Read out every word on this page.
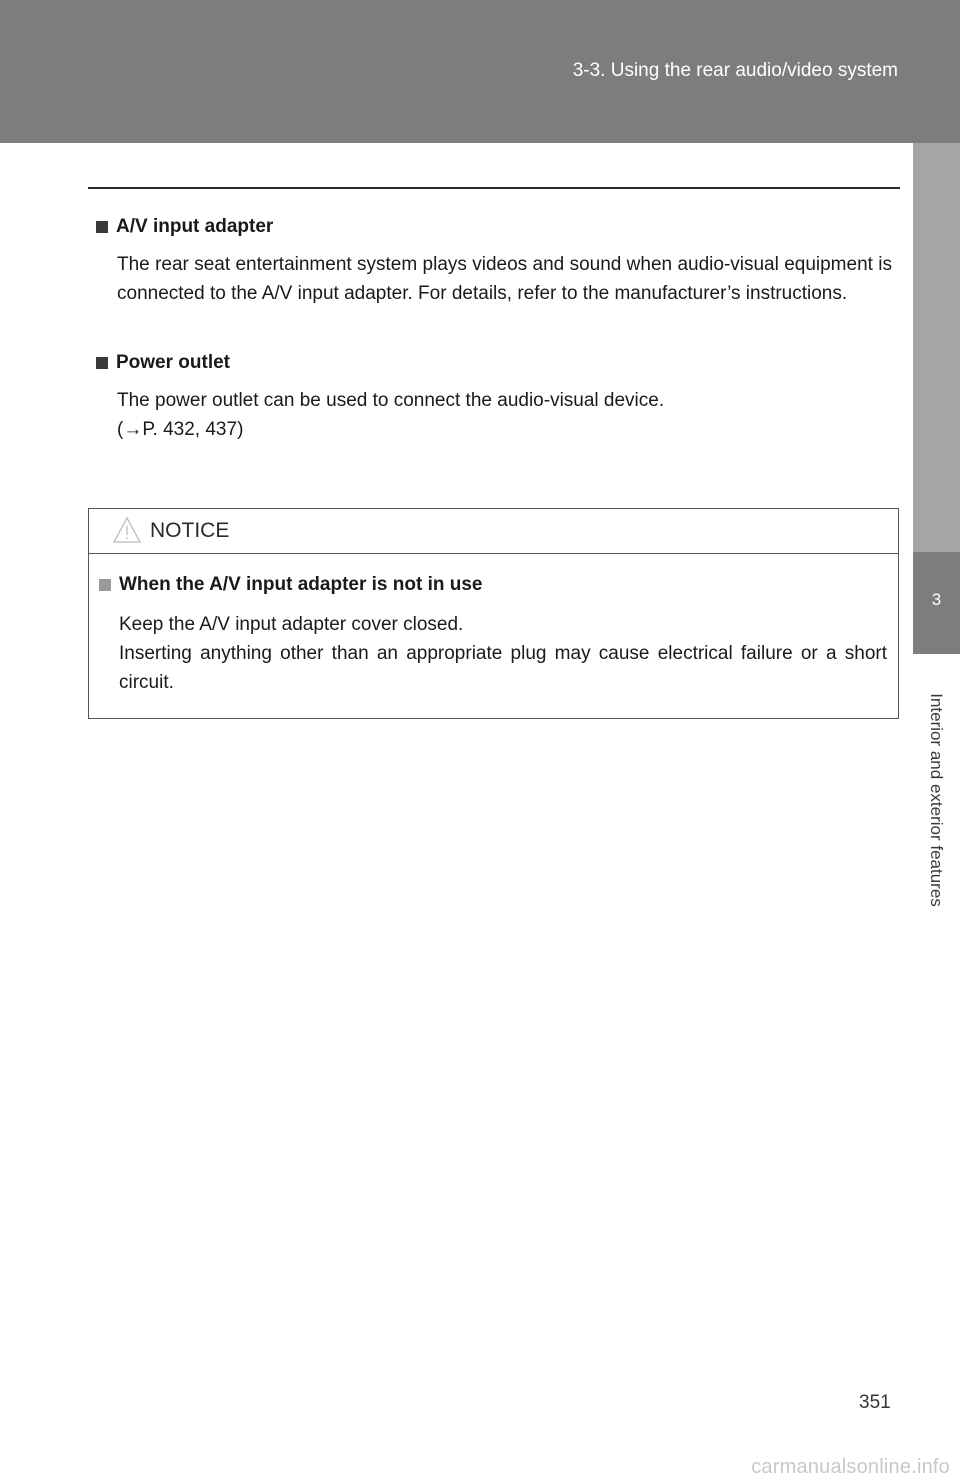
3-3. Using the rear audio/video system
3
Interior and exterior features
A/V input adapter
The rear seat entertainment system plays videos and sound when audio-visual equipment is connected to the A/V input adapter. For details, refer to the manufacturer’s instructions.
Power outlet
The power outlet can be used to connect the audio-visual device.
(→P. 432, 437)
NOTICE
When the A/V input adapter is not in use
Keep the A/V input adapter cover closed.
Inserting anything other than an appropriate plug may cause electrical failure or a short circuit.
351
carmanualsonline.info
